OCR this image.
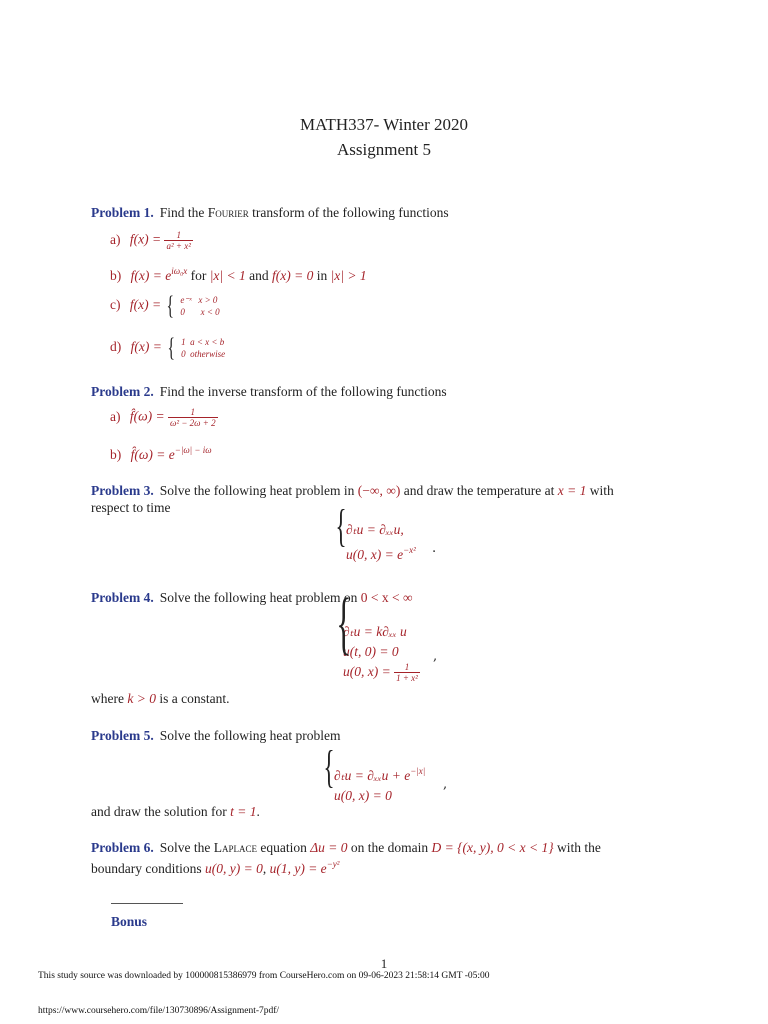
MATH337- Winter 2020
Assignment 5
Problem 1. Find the Fourier transform of the following functions
a) $f(x) = \frac{1}{\text{a² + x²}}$
b) $f(x) = e^{i\omega_0x}$ for |x| < 1 and f(x) = 0 in |x| > 1
c) f(x) = { e⁻ˣ   x > 0
0       x < 0
d) f(x) = { 1  a < x < b
0  otherwise
Problem 2. Find the inverse transform of the following functions
a) f̂(ω) = $\frac{1}{\text{ω² − 2ω + 2}}$
b) f̂(ω) = $e^{-|\omega| - i\omega}$
Problem 3. Solve the following heat problem in (−∞, ∞) and draw the temperature at x = 1 with
respect to time	{ ∂ₜu = ∂ₓₓu,
u(0, $x) = e^{-x^2}$ .
Problem 4. Solve the following heat problem on 0 < x < ∞
{
∂ₜu = k∂ₓₓ u
u(t, 0) = 0
u(0, $x) = \frac{1}{\text{1 + x²}}$
,
where k > 0 is a constant.
Problem 5. Solve the following heat problem
{ $\partial_tu = \partial_{xx}u + e^{-|x|}$
u(0, x) = 0
,
and draw the solution for t = 1.
Problem 6. Solve the Laplace equation Δu = 0 on the domain D = {(x, y), 0 < x < 1} with the
boundary conditions u(0, y) = 0, u(1, $y) = e^{-y^2}$
Bonus
1
This study source was downloaded by 100000815386979 from CourseHero.com on 09-06-2023 21:58:14 GMT -05:00
https://www.coursehero.com/file/130730896/Assignment-7pdf/
